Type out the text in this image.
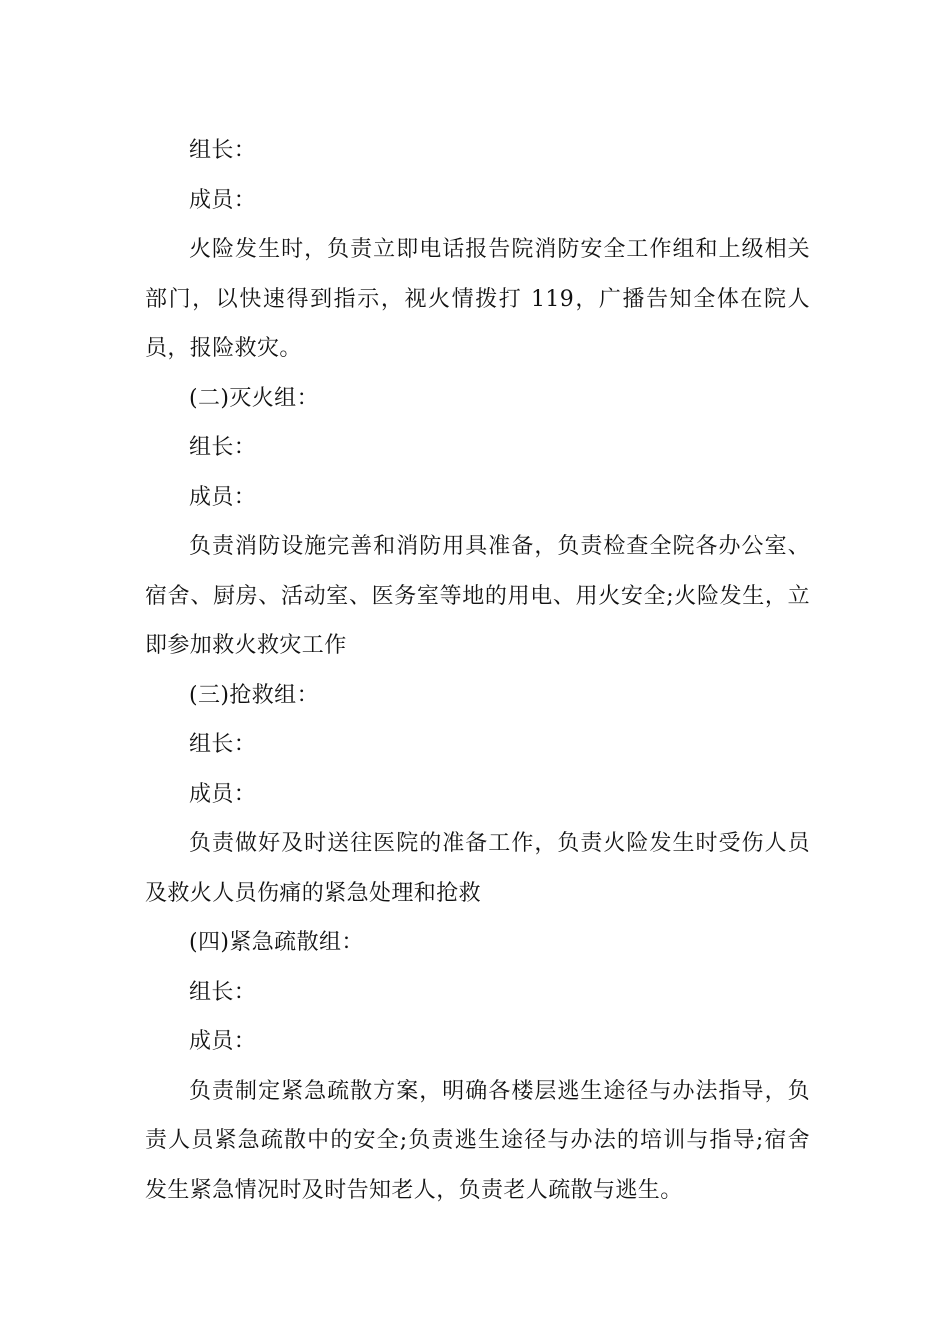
组长：

成员：

火险发生时，负责立即电话报告院消防安全工作组和上级相关部门，以快速得到指示，视火情拨打 119，广播告知全体在院人员，报险救灾。

(二)灭火组：

组长：

成员：

负责消防设施完善和消防用具准备，负责检查全院各办公室、宿舍、厨房、活动室、医务室等地的用电、用火安全;火险发生，立即参加救火救灾工作

(三)抢救组：

组长：

成员：

负责做好及时送往医院的准备工作，负责火险发生时受伤人员及救火人员伤痛的紧急处理和抢救

(四)紧急疏散组：

组长：

成员：

负责制定紧急疏散方案，明确各楼层逃生途径与办法指导，负责人员紧急疏散中的安全;负责逃生途径与办法的培训与指导;宿舍发生紧急情况时及时告知老人，负责老人疏散与逃生。
